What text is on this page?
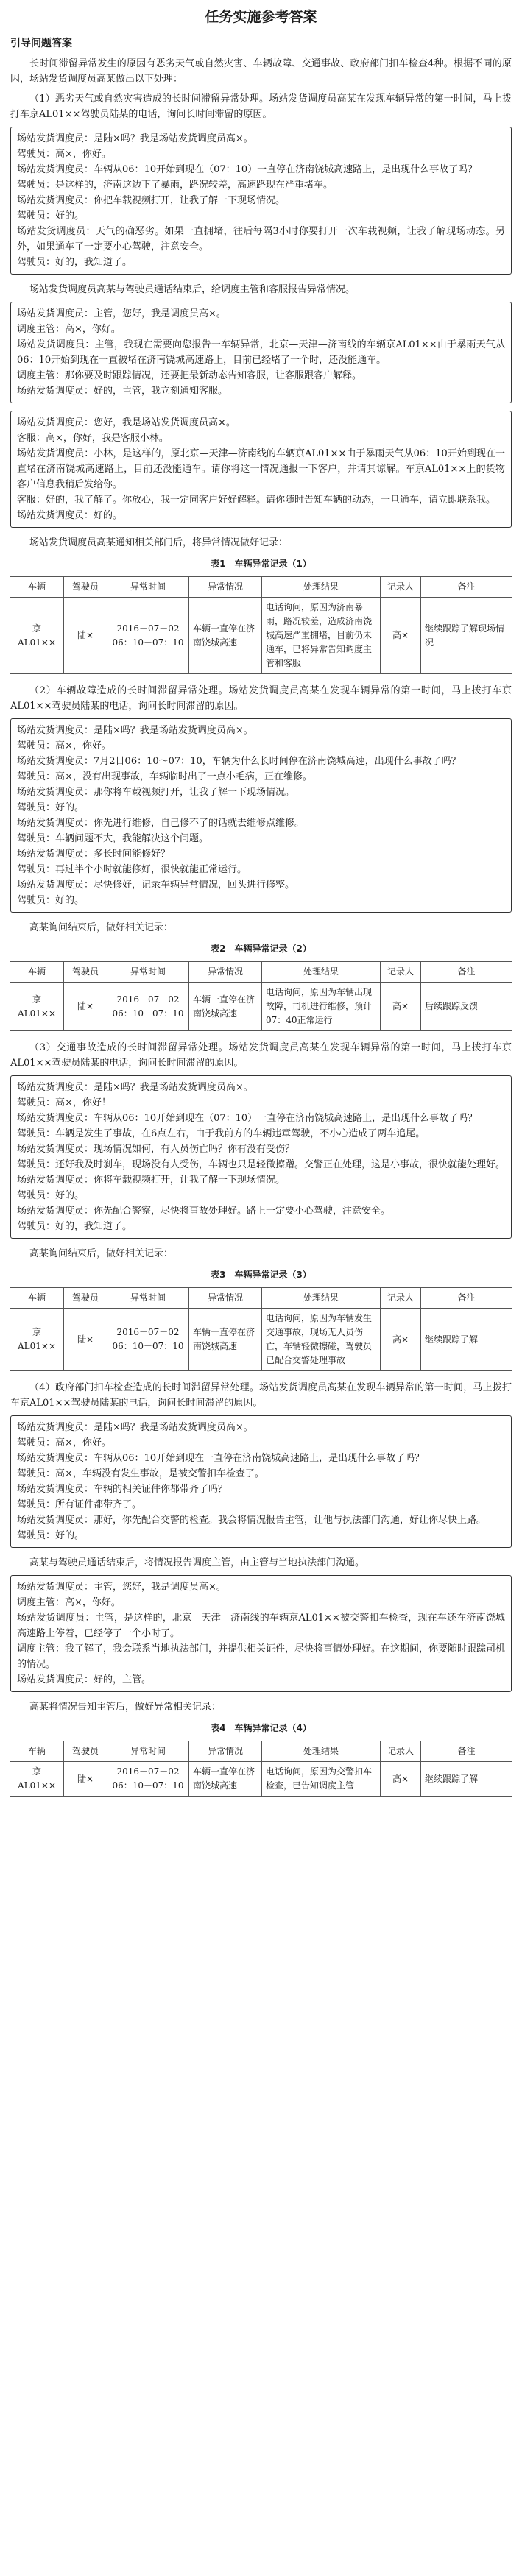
任务实施参考答案
引导问题答案

长时间滞留异常发生的原因有恶劣天气或自然灾害、车辆故障、交通事故、政府部门扣车检查4种。根据不同的原因，场站发货调度员高某做出以下处理：

（1）恶劣天气或自然灾害造成的长时间滞留异常处理。场站发货调度员高某在发现车辆异常的第一时间，马上拨打车京AL01××驾驶员陆某的电话，询问长时间滞留的原因。

场站发货调度员：是陆×吗？我是场站发货调度员高×。

驾驶员：高×，你好。

场站发货调度员：车辆从06：10开始到现在（07：10）一直停在济南饶城高速路上，是出现什么事故了吗？

驾驶员：是这样的，济南这边下了暴雨，路况较差，高速路现在严重堵车。

场站发货调度员：你把车载视频打开，让我了解一下现场情况。

驾驶员：好的。

场站发货调度员：天气的确恶劣。如果一直拥堵，往后每隔3小时你要打开一次车载视频，让我了解现场动态。另外，如果通车了一定要小心驾驶，注意安全。

驾驶员：好的，我知道了。

场站发货调度员高某与驾驶员通话结束后，给调度主管和客服报告异常情况。

场站发货调度员：主管，您好，我是调度员高×。

调度主管：高×，你好。

场站发货调度员：主管，我现在需要向您报告一车辆异常，北京—天津—济南线的车辆京AL01××由于暴雨天气从06：10开始到现在一直被堵在济南饶城高速路上，目前已经堵了一个时，还没能通车。

调度主管：那你要及时跟踪情况，还要把最新动态告知客服，让客服跟客户解释。

场站发货调度员：好的，主管，我立刻通知客服。

场站发货调度员：您好，我是场站发货调度员高×。

客服：高×，你好，我是客服小林。

场站发货调度员：小林，是这样的，原北京—天津—济南线的车辆京AL01××由于暴雨天气从06：10开始到现在一直堵在济南饶城高速路上，目前还没能通车。请你将这一情况通报一下客户，并请其谅解。车京AL01××上的货物客户信息我稍后发给你。

客服：好的，我了解了。你放心，我一定同客户好好解释。请你随时告知车辆的动态，一旦通车，请立即联系我。

场站发货调度员：好的。

场站发货调度员高某通知相关部门后，将异常情况做好记录：

表1　车辆异常记录（1）
车辆	驾驶员	异常时间	异常情况	处理结果	记录人	备注
京AL01××	陆×	2016－07－02 06：10－07：10	车辆一直停在济南饶城高速	电话询问，原因为济南暴雨，路况较差，造成济南饶城高速严重拥堵，目前仍未通车，已将异常告知调度主管和客服	高×	继续跟踪了解现场情况

（2）车辆故障造成的长时间滞留异常处理。场站发货调度员高某在发现车辆异常的第一时间，马上拨打车京AL01××驾驶员陆某的电话，询问长时间滞留的原因。

场站发货调度员：是陆×吗？我是场站发货调度员高×。

驾驶员：高×，你好。

场站发货调度员：7月2日06：10～07：10，车辆为什么长时间停在济南饶城高速，出现什么事故了吗？

驾驶员：高×，没有出现事故，车辆临时出了一点小毛病，正在维修。

场站发货调度员：那你将车载视频打开，让我了解一下现场情况。

驾驶员：好的。

场站发货调度员：你先进行维修，自己修不了的话就去维修点维修。

驾驶员：车辆问题不大，我能解决这个问题。

场站发货调度员：多长时间能修好？

驾驶员：再过半个小时就能修好，很快就能正常运行。

场站发货调度员：尽快修好，记录车辆异常情况，回头进行修整。

驾驶员：好的。

高某询问结束后，做好相关记录：

表2　车辆异常记录（2）
车辆	驾驶员	异常时间	异常情况	处理结果	记录人	备注
京AL01××	陆×	2016－07－02 06：10－07：10	车辆一直停在济南饶城高速	电话询问，原因为车辆出现故障，司机进行维修，预计07：40正常运行	高×	后续跟踪反馈

（3）交通事故造成的长时间滞留异常处理。场站发货调度员高某在发现车辆异常的第一时间，马上拨打车京AL01××驾驶员陆某的电话，询问长时间滞留的原因。

场站发货调度员：是陆×吗？我是场站发货调度员高×。

驾驶员：高×，你好！

场站发货调度员：车辆从06：10开始到现在（07：10）一直停在济南饶城高速路上，是出现什么事故了吗？

驾驶员：车辆是发生了事故，在6点左右，由于我前方的车辆违章驾驶，不小心造成了两车追尾。

场站发货调度员：现场情况如何，有人员伤亡吗？你有没有受伤？

驾驶员：还好我及时刹车，现场没有人受伤，车辆也只是轻微擦蹭。交警正在处理，这是小事故，很快就能处理好。

场站发货调度员：你将车载视频打开，让我了解一下现场情况。

驾驶员：好的。

场站发货调度员：你先配合警察，尽快将事故处理好。路上一定要小心驾驶，注意安全。

驾驶员：好的，我知道了。

高某询问结束后，做好相关记录：

表3　车辆异常记录（3）
车辆	驾驶员	异常时间	异常情况	处理结果	记录人	备注
京AL01××	陆×	2016－07－02 06：10－07：10	车辆一直停在济南饶城高速	电话询问，原因为车辆发生交通事故，现场无人员伤亡，车辆轻微擦碰，驾驶员已配合交警处理事故	高×	继续跟踪了解

（4）政府部门扣车检查造成的长时间滞留异常处理。场站发货调度员高某在发现车辆异常的第一时间，马上拨打车京AL01××驾驶员陆某的电话，询问长时间滞留的原因。

场站发货调度员：是陆×吗？我是场站发货调度员高×。

驾驶员：高×，你好。

场站发货调度员：车辆从06：10开始到现在一直停在济南饶城高速路上，是出现什么事故了吗？

驾驶员：高×，车辆没有发生事故，是被交警扣车检查了。

场站发货调度员：车辆的相关证件你都带齐了吗？

驾驶员：所有证件都带齐了。

场站发货调度员：那好，你先配合交警的检查。我会将情况报告主管，让他与执法部门沟通，好让你尽快上路。

驾驶员：好的。

高某与驾驶员通话结束后，将情况报告调度主管，由主管与当地执法部门沟通。

场站发货调度员：主管，您好，我是调度员高×。

调度主管：高×，你好。

场站发货调度员：主管，是这样的，北京—天津—济南线的车辆京AL01××被交警扣车检查，现在车还在济南饶城高速路上停着，已经停了一个小时了。

调度主管：我了解了，我会联系当地执法部门，并提供相关证件，尽快将事情处理好。在这期间，你要随时跟踪司机的情况。

场站发货调度员：好的，主管。

高某将情况告知主管后，做好异常相关记录：

表4　车辆异常记录（4）
车辆	驾驶员	异常时间	异常情况	处理结果	记录人	备注
京AL01××	陆×	2016－07－02 06：10－07：10	车辆一直停在济南饶城高速	电话询问，原因为交警扣车检查，已告知调度主管	高×	继续跟踪了解
